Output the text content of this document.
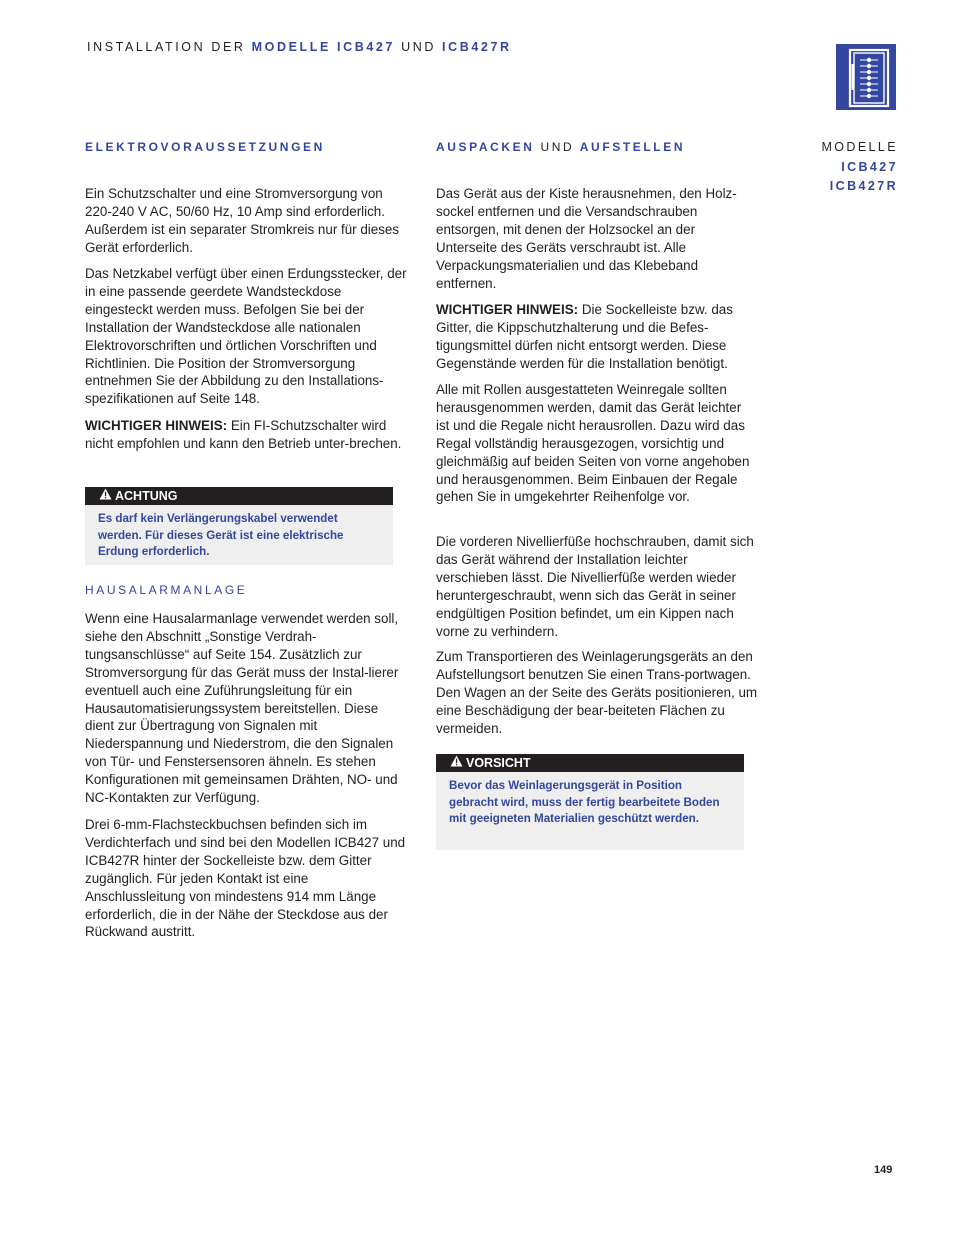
INSTALLATION DER MODELLE ICB427 UND ICB427R
MODELLE
ICB427
ICB427R
ELEKTROVORAUSSETZUNGEN

Ein Schutzschalter und eine Stromversorgung von 220-240 V AC, 50/60 Hz, 10 Amp sind erforderlich. Außerdem ist ein separater Stromkreis nur für dieses Gerät erforderlich.

Das Netzkabel verfügt über einen Erdungsstecker, der in eine passende geerdete Wandsteckdose eingesteckt werden muss. Befolgen Sie bei der Installation der Wandsteckdose alle nationalen Elektrovorschriften und örtlichen Vorschriften und Richtlinien. Die Position der Stromversorgung entnehmen Sie der Abbildung zu den Installations-spezifikationen auf Seite 148.

WICHTIGER HINWEIS: Ein FI-Schutzschalter wird nicht empfohlen und kann den Betrieb unter-brechen.

ACHTUNG
Es darf kein Verlängerungskabel verwendet werden. Für dieses Gerät ist eine elektrische Erdung erforderlich.
HAUSALARMANLAGE

Wenn eine Hausalarmanlage verwendet werden soll, siehe den Abschnitt „Sonstige Verdrah-tungsanschlüsse“ auf Seite 154. Zusätzlich zur Stromversorgung für das Gerät muss der Instal-lierer eventuell auch eine Zuführungsleitung für ein Hausautomatisierungssystem bereitstellen. Diese dient zur Übertragung von Signalen mit Niederspannung und Niederstrom, die den Signalen von Tür- und Fenstersensoren ähneln. Es stehen Konfigurationen mit gemeinsamen Drähten, NO- und NC-Kontakten zur Verfügung.

Drei 6-mm-Flachsteckbuchsen befinden sich im Verdichterfach und sind bei den Modellen ICB427 und ICB427R hinter der Sockelleiste bzw. dem Gitter zugänglich. Für jeden Kontakt ist eine Anschlussleitung von mindestens 914 mm Länge erforderlich, die in der Nähe der Steckdose aus der Rückwand austritt.

AUSPACKEN UND AUFSTELLEN

Das Gerät aus der Kiste herausnehmen, den Holz-sockel entfernen und die Versandschrauben entsorgen, mit denen der Holzsockel an der Unterseite des Geräts verschraubt ist. Alle Verpackungsmaterialien und das Klebeband entfernen.

WICHTIGER HINWEIS: Die Sockelleiste bzw. das Gitter, die Kippschutzhalterung und die Befes-tigungsmittel dürfen nicht entsorgt werden. Diese Gegenstände werden für die Installation benötigt.

Alle mit Rollen ausgestatteten Weinregale sollten herausgenommen werden, damit das Gerät leichter ist und die Regale nicht herausrollen. Dazu wird das Regal vollständig herausgezogen, vorsichtig und gleichmäßig auf beiden Seiten von vorne angehoben und herausgenommen. Beim Einbauen der Regale gehen Sie in umgekehrter Reihenfolge vor.

Die vorderen Nivellierfüße hochschrauben, damit sich das Gerät während der Installation leichter verschieben lässt. Die Nivellierfüße werden wieder heruntergeschraubt, wenn sich das Gerät in seiner endgültigen Position befindet, um ein Kippen nach vorne zu verhindern.

Zum Transportieren des Weinlagerungsgeräts an den Aufstellungsort benutzen Sie einen Trans-portwagen. Den Wagen an der Seite des Geräts positionieren, um eine Beschädigung der bear-beiteten Flächen zu vermeiden.

VORSICHT
Bevor das Weinlagerungsgerät in Position gebracht wird, muss der fertig bearbeitete Boden mit geeigneten Materialien geschützt werden.
149
